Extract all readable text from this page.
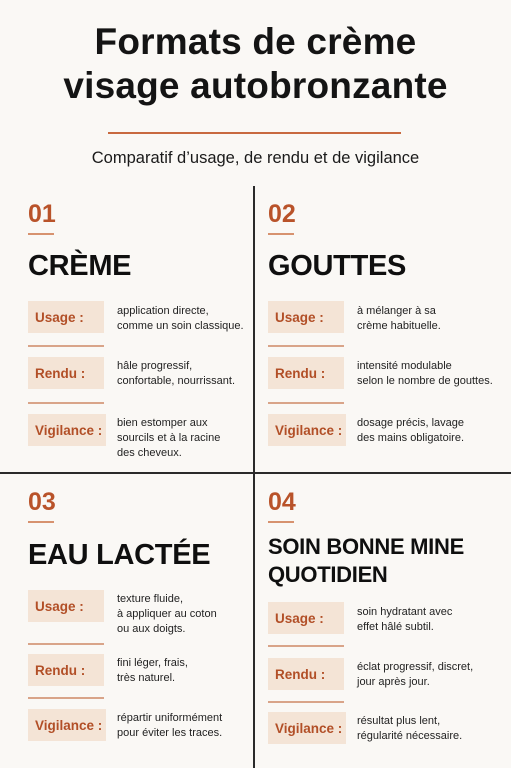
Formats de crème
visage autobronzante
Comparatif d’usage, de rendu et de vigilance
01
CRÈME
Usage :	application directe,
comme un soin classique.
Rendu :	hâle progressif,
confortable, nourrissant.
Vigilance :	bien estomper aux
sourcils et à la racine
des cheveux.
02
GOUTTES
Usage :	à mélanger à sa
crème habituelle.
Rendu :	intensité modulable
selon le nombre de gouttes.
Vigilance :	dosage précis, lavage
des mains obligatoire.
03
EAU LACTÉE
Usage :	texture fluide,
à appliquer au coton
ou aux doigts.
Rendu :	fini léger, frais,
très naturel.
Vigilance :	répartir uniformément
pour éviter les traces.
04
SOIN BONNE MINE
QUOTIDIEN
Usage :	soin hydratant avec
effet hâlé subtil.
Rendu :	éclat progressif, discret,
jour après jour.
Vigilance :	résultat plus lent,
régularité nécessaire.
